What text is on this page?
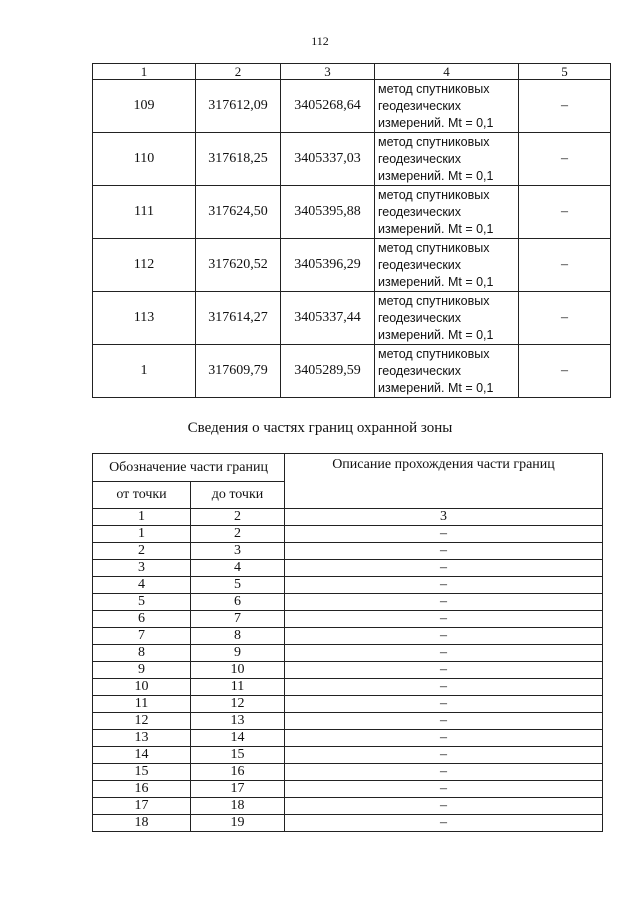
112
1	2	3	4	5
109	317612,09	3405268,64	метод спутниковых
геодезических
измерений. Mt = 0,1	–
110	317618,25	3405337,03	метод спутниковых
геодезических
измерений. Mt = 0,1	–
111	317624,50	3405395,88	метод спутниковых
геодезических
измерений. Mt = 0,1	–
112	317620,52	3405396,29	метод спутниковых
геодезических
измерений. Mt = 0,1	–
113	317614,27	3405337,44	метод спутниковых
геодезических
измерений. Mt = 0,1	–
1	317609,79	3405289,59	метод спутниковых
геодезических
измерений. Mt = 0,1	–
Сведения о частях границ охранной зоны
Обозначение части границ		Описание прохождения части границ
от точки	до точки	
1	2	3
1	2	–
2	3	–
3	4	–
4	5	–
5	6	–
6	7	–
7	8	–
8	9	–
9	10	–
10	11	–
11	12	–
12	13	–
13	14	–
14	15	–
15	16	–
16	17	–
17	18	–
18	19	–
